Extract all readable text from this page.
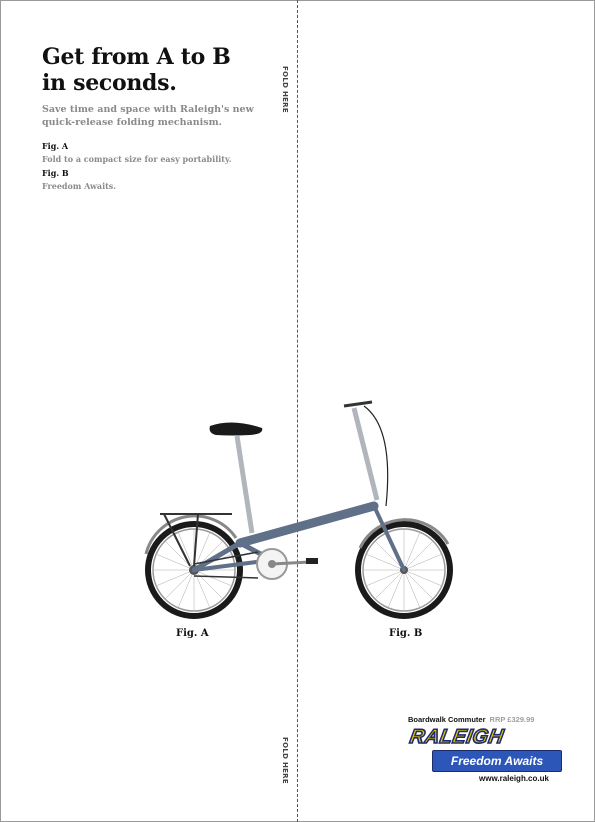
FOLD HERE
FOLD HERE
Get from A to B
in seconds.
Save time and space with Raleigh's new
quick-release folding mechanism.
Fig. A
Fold to a compact size for easy portability.
Fig. B
Freedom Awaits.
Fig. A	Fig. B
Boardwalk Commuter RRP £329.99
RALEIGH
Freedom Awaits
www.raleigh.co.uk
